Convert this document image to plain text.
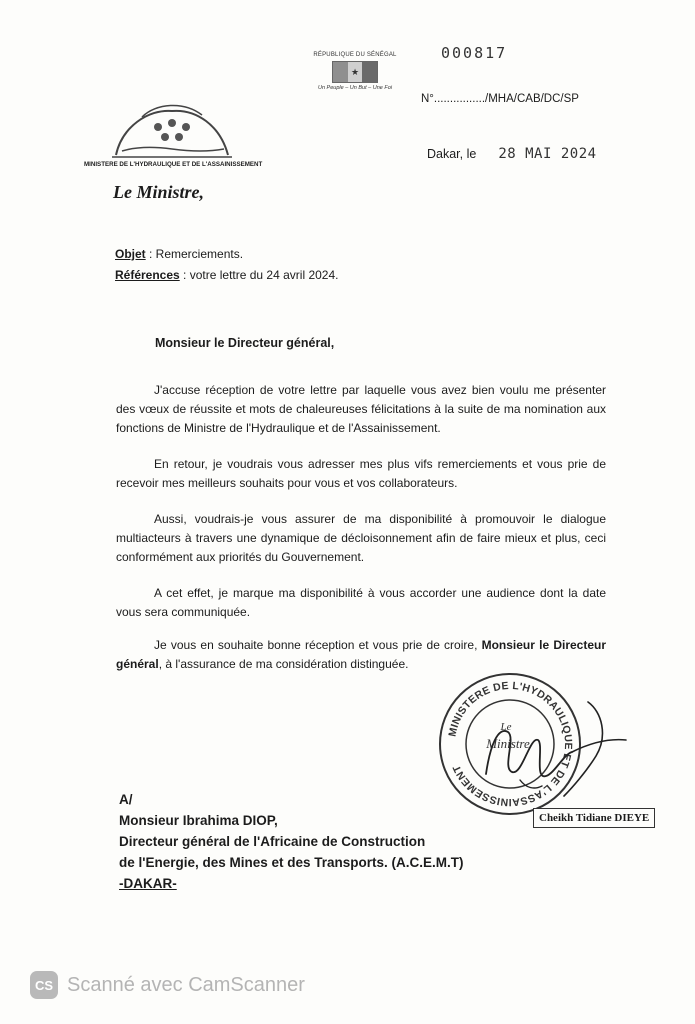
RÉPUBLIQUE DU SÉNÉGAL
★
Un Peuple – Un But – Une Foi
MINISTERE DE L'HYDRAULIQUE ET DE L'ASSAINISSEMENT
Le Ministre,
000817
N°................/MHA/CAB/DC/SP
Dakar, le 28 MAI 2024
Objet : Remerciements.
Références : votre lettre du 24 avril 2024.
Monsieur le Directeur général,
J'accuse réception de votre lettre par laquelle vous avez bien voulu me présenter des vœux de réussite et mots de chaleureuses félicitations à la suite de ma nomination aux fonctions de Ministre de l'Hydraulique et de l'Assainissement.
En retour, je voudrais vous adresser mes plus vifs remerciements et vous prie de recevoir mes meilleurs souhaits pour vous et vos collaborateurs.
Aussi, voudrais-je vous assurer de ma disponibilité à promouvoir le dialogue multiacteurs à travers une dynamique de décloisonnement afin de faire mieux et plus, ceci conformément aux priorités du Gouvernement.
A cet effet, je marque ma disponibilité à vous accorder une audience dont la date vous sera communiquée.
Je vous en souhaite bonne réception et vous prie de croire, Monsieur le Directeur général, à l'assurance de ma considération distinguée.
MINISTERE DE L'HYDRAULIQUE ET DE L'ASSAINISSEMENT
Le
Ministre
Cheikh Tidiane DIEYE
A/
Monsieur Ibrahima DIOP,
Directeur général de l'Africaine de Construction
de l'Energie, des Mines et des Transports. (A.C.E.M.T)
-DAKAR-
CS Scanné avec CamScanner
